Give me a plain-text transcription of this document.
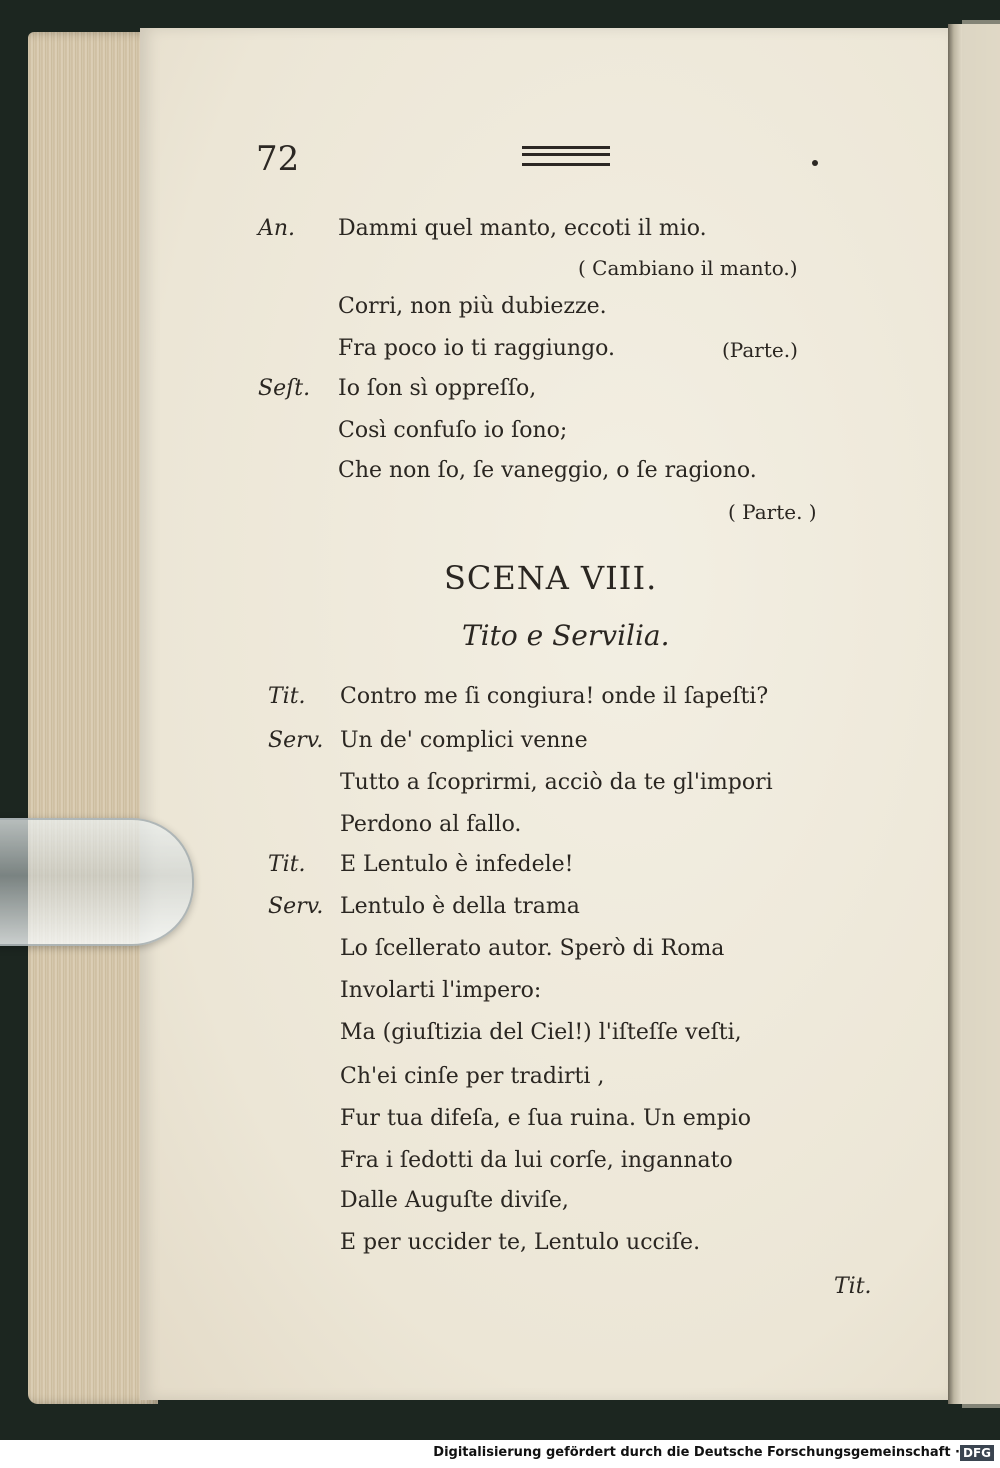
72
An. Dammi quel manto, eccoti il mio.
( Cambiano il manto.)
Corri, non più dubiezze.
Fra poco io ti raggiungo.	(Parte.)
Seſt. Io ſon sì oppreſſo,
Così confuſo io ſono;
Che non ſo, ſe vaneggio, o ſe ragiono.
( Parte. )
SCENA VIII.
Tito e Servilia.
Tit. Contro me ſi congiura! onde il ſapeſti?
Serv. Un de' complici venne
Tutto a ſcoprirmi, acciò da te gl'impori
Perdono al fallo.
Tit. E Lentulo è infedele!
Serv. Lentulo è della trama
Lo ſcellerato autor. Sperò di Roma
Involarti l'impero:
Ma (giuſtizia del Ciel!) l'iſteſſe veſti,
Ch'ei cinſe per tradirti ,
Fur tua difeſa, e ſua ruina. Un empio
Fra i ſedotti da lui corſe, ingannato
Dalle Auguſte diviſe,
E per uccider te, Lentulo ucciſe.
Tit.
Digitalisierung gefördert durch die Deutsche Forschungsgemeinschaft · DFG
